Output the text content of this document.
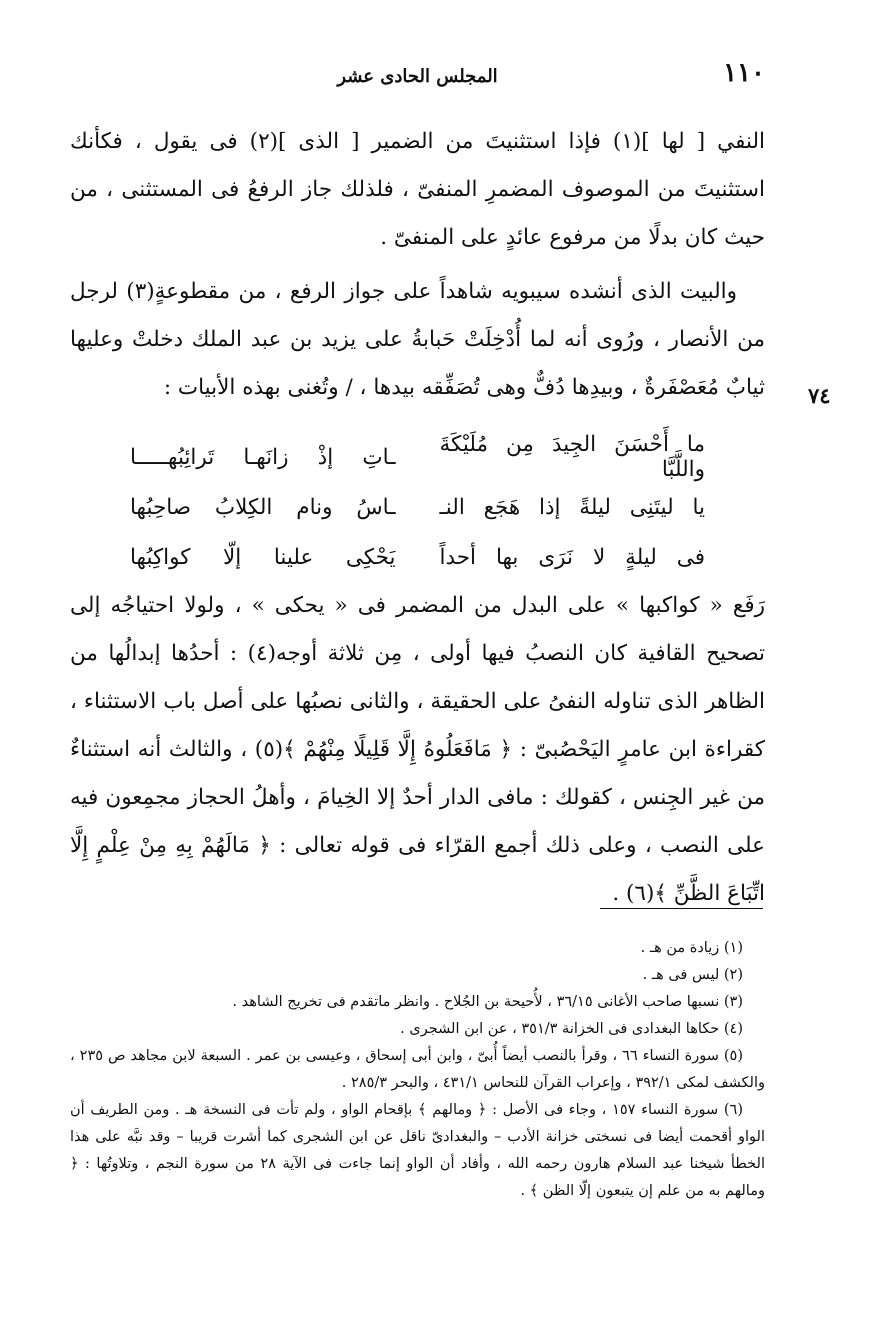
١١٠
المجلس الحادى عشر

النفي [ لها ](١) فإذا استثنيتَ من الضمير [ الذى ](٢) فى يقول ، فكأنك استثنيتَ من الموصوف المضمرِ المنفىّ ، فلذلك جاز الرفعُ فى المستثنى ، من حيث كان بدلًا من مرفوع عائدٍ على المنفىّ .

والبيت الذى أنشده سيبويه شاهداً على جواز الرفع ، من مقطوعةٍ(٣) لرجل من الأنصار ، ورُوى أنه لما أُدْخِلَتْ حَبابةُ على يزيد بن عبد الملك دخلتْ وعليها ثيابٌ مُعَصْفَرةٌ ، وبيدِها دُفٌّ وهى تُصَفِّقه بيدها ، / وتُغنى بهذه الأبيات : ٧٤
ما أَحْسَنَ الجِيدَ مِن مُلَيْكَةَ واللَّبَّا
ـاتِ إذْ زانَهـا تَرائِبُهـــــا
يا ليتَنِى ليلةً إذا هَجَع النـ
ـاسُ ونام الكِلابُ صاحِبُها
فى ليلةٍ لا نَرَى بها أحداً
يَحْكِى علينا إلّا كواكِبُها

رَفَع « كواكبها » على البدل من المضمر فى « يحكى » ، ولولا احتياجُه إلى تصحيح القافية كان النصبُ فيها أولى ، مِن ثلاثة أوجه(٤) : أحدُها إبدالُها من الظاهر الذى تناوله النفىُ على الحقيقة ، والثانى نصبُها على أصل باب الاستثناء ، كقراءة ابن عامرٍ اليَحْصُبىّ : ﴿ مَافَعَلُوهُ إِلَّا قَلِيلًا مِنْهُمْ ﴾(٥) ، والثالث أنه استثناءٌ من غير الجِنس ، كقولك : مافى الدار أحدٌ إلا الخِيامَ ، وأهلُ الحجاز مجمِعون فيه على النصب ، وعلى ذلك أجمع القرّاء فى قوله تعالى : ﴿ مَالَهُمْ بِهِ مِنْ عِلْمٍ إِلَّا اتِّبَاعَ الظَّنِّ ﴾(٦) .

(١) زيادة من هـ .

(٢) ليس فى هـ .

(٣) نسبها صاحب الأغانى ٣٦/١٥ ، لأُحيحة بن الجُلاح . وانظر ماتقدم فى تخريج الشاهد .

(٤) حكاها البغدادى فى الخزانة ٣٥١/٣ ، عن ابن الشجرى .

(٥) سورة النساء ٦٦ ، وقرأ بالنصب أيضاً أُبىّ ، وابن أبى إسحاق ، وعيسى بن عمر . السبعة لابن مجاهد ص ٢٣٥ ، والكشف لمكى ٣٩٢/١ ، وإعراب القرآن للنحاس ٤٣١/١ ، والبحر ٢٨٥/٣ .

(٦) سورة النساء ١٥٧ ، وجاء فى الأصل : ﴿ ومالهم ﴾ بإقحام الواو ، ولم تأت فى النسخة هـ . ومن الطريف أن الواو أقحمت أيضا فى نسختى خزانة الأدب – والبغدادىّ ناقل عن ابن الشجرى كما أشرت قريبا – وقد نبَّه على هذا الخطأ شيخنا عبد السلام هارون رحمه الله ، وأفاد أن الواو إنما جاءت فى الآية ٢٨ من سورة النجم ، وتلاوتُها : ﴿ ومالهم به من علم إن يتبعون إلّا الظن ﴾ .
